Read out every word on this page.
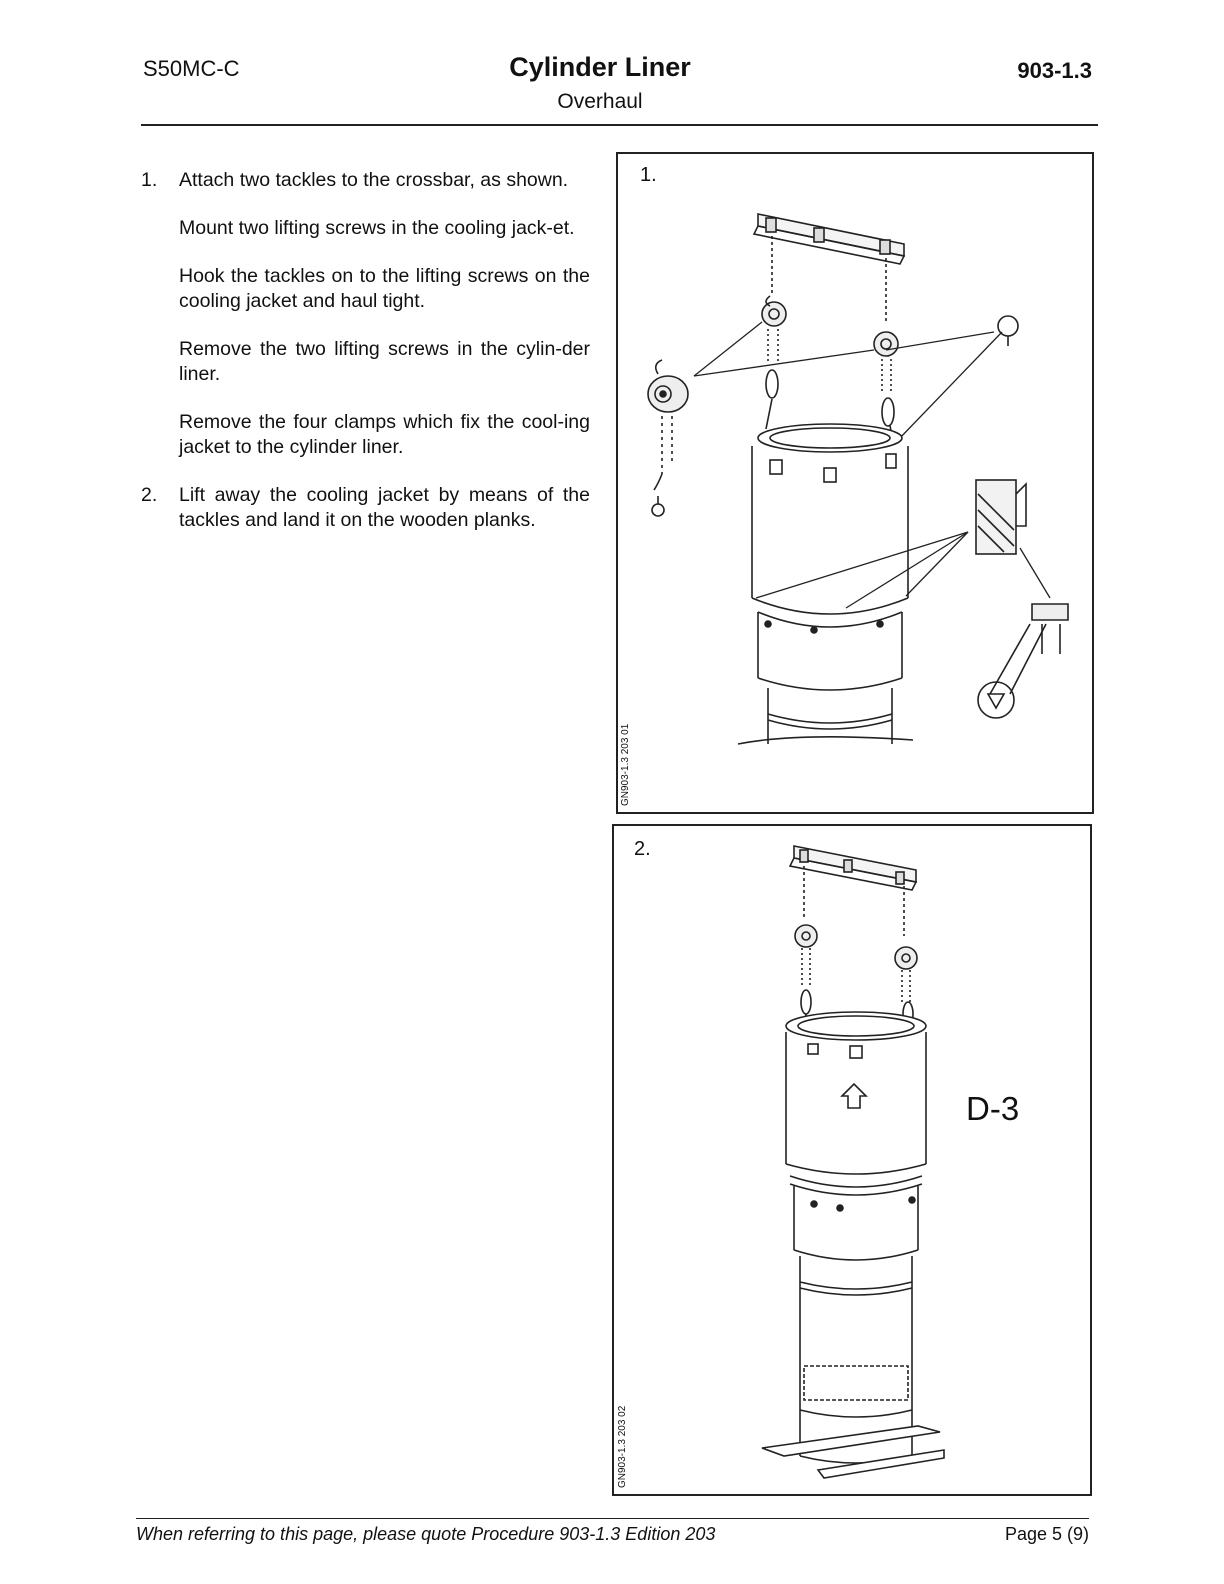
S50MC-C	Cylinder Liner
Overhaul
903-1.3
1.	Attach two tackles to the crossbar, as shown.

Mount two lifting screws in the cooling jack-et.

Hook the tackles on to the lifting screws on the cooling jacket and haul tight.

Remove the two lifting screws in the cylin-der liner.

Remove the four clamps which fix the cool-ing jacket to the cylinder liner.

2.	Lift away the cooling jacket by means of the tackles and land it on the wooden planks.

1.
GN903-1.3 203 01
2.
GN903-1.3 203 02
D-3
When referring to this page, please quote Procedure 903-1.3 Edition 203	Page 5 (9)
